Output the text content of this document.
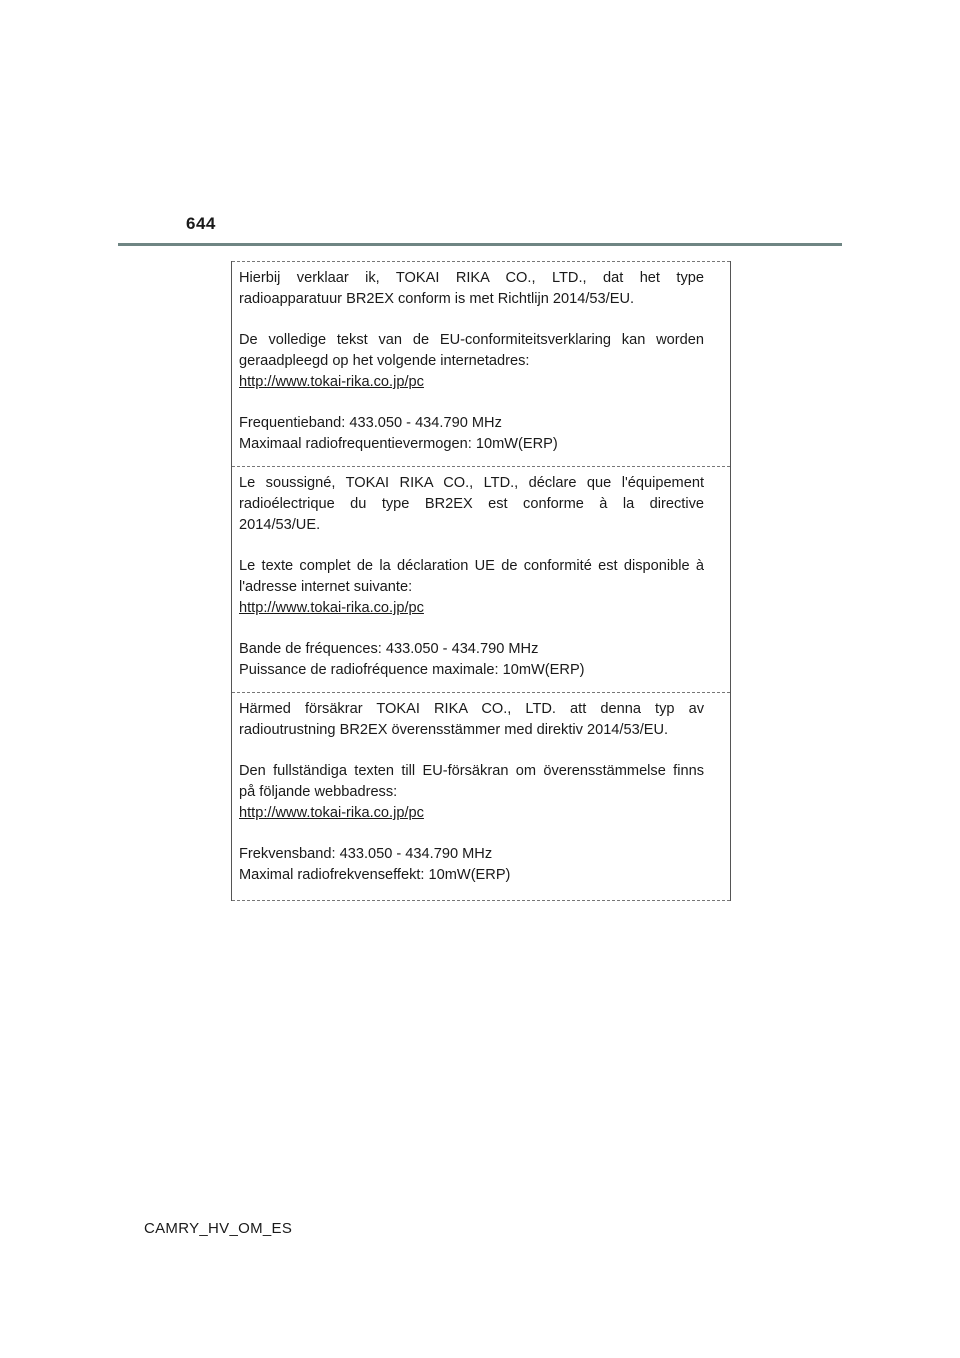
644

Hierbij verklaar ik, TOKAI RIKA CO., LTD., dat het type
radioapparatuur BR2EX conform is met Richtlijn 2014/53/EU.

De volledige tekst van de EU-conformiteitsverklaring kan worden
geraadpleegd op het volgende internetadres:
http://www.tokai-rika.co.jp/pc

Frequentieband: 433.050 - 434.790 MHz
Maximaal radiofrequentievermogen: 10mW(ERP)

Le soussigné, TOKAI RIKA CO., LTD., déclare que l'équipement
radioélectrique du type BR2EX est conforme à la directive
2014/53/UE.

Le texte complet de la déclaration UE de conformité est disponible à
l'adresse internet suivante:
http://www.tokai-rika.co.jp/pc

Bande de fréquences: 433.050 - 434.790 MHz
Puissance de radiofréquence maximale: 10mW(ERP)

Härmed försäkrar TOKAI RIKA CO., LTD. att denna typ av
radioutrustning BR2EX överensstämmer med direktiv 2014/53/EU.

Den fullständiga texten till EU-försäkran om överensstämmelse finns
på följande webbadress:
http://www.tokai-rika.co.jp/pc

Frekvensband: 433.050 - 434.790 MHz
Maximal radiofrekvenseffekt: 10mW(ERP)

CAMRY_HV_OM_ES
